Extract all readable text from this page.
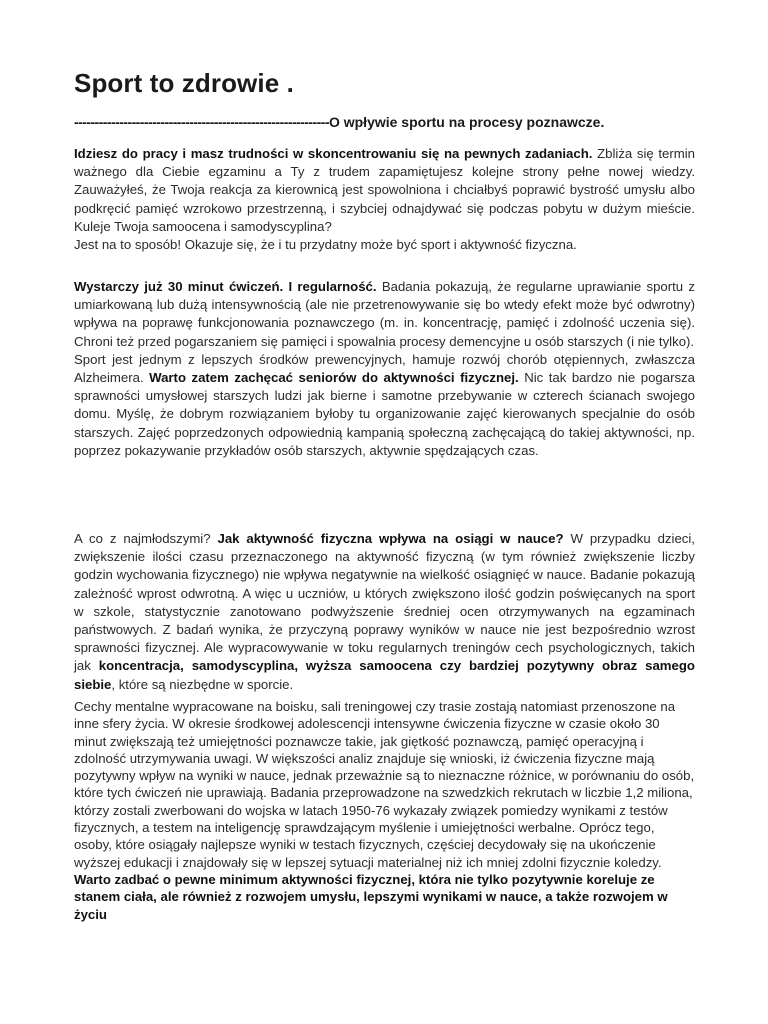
Sport to zdrowie .
--------------------------------------------------------------O wpływie sportu na procesy poznawcze.

Idziesz do pracy i masz trudności w skoncentrowaniu się na pewnych zadaniach. Zbliża się termin ważnego dla Ciebie egzaminu a Ty z trudem zapamiętujesz kolejne strony pełne nowej wiedzy. Zauważyłeś, że Twoja reakcja za kierownicą jest spowolniona i chciałbyś poprawić bystrość umysłu albo podkręcić pamięć wzrokowo przestrzenną, i szybciej odnajdywać się podczas pobytu w dużym mieście. Kuleje Twoja samoocena i samodyscyplina?

Jest na to sposób! Okazuje się, że i tu przydatny może być sport i aktywność fizyczna.

Wystarczy już 30 minut ćwiczeń. I regularność. Badania pokazują, że regularne uprawianie sportu z umiarkowaną lub dużą intensywnością (ale nie przetrenowywanie się bo wtedy efekt może być odwrotny) wpływa na poprawę funkcjonowania poznawczego (m. in. koncentrację, pamięć i zdolność uczenia się). Chroni też przed pogarszaniem się pamięci i spowalnia procesy demencyjne u osób starszych (i nie tylko).

Sport jest jednym z lepszych środków prewencyjnych, hamuje rozwój chorób otępiennych, zwłaszcza Alzheimera. Warto zatem zachęcać seniorów do aktywności fizycznej. Nic tak bardzo nie pogarsza sprawności umysłowej starszych ludzi jak bierne i samotne przebywanie w czterech ścianach swojego domu. Myślę, że dobrym rozwiązaniem byłoby tu organizowanie zajęć kierowanych specjalnie do osób starszych. Zajęć poprzedzonych odpowiednią kampanią społeczną zachęcającą do takiej aktywności, np. poprzez pokazywanie przykładów osób starszych, aktywnie spędzających czas.

A co z najmłodszymi? Jak aktywność fizyczna wpływa na osiągi w nauce? W przypadku dzieci, zwiększenie ilości czasu przeznaczonego na aktywność fizyczną (w tym również zwiększenie liczby godzin wychowania fizycznego) nie wpływa negatywnie na wielkość osiągnięć w nauce. Badanie pokazują zależność wprost odwrotną. A więc u uczniów, u których zwiększono ilość godzin poświęcanych na sport w szkole, statystycznie zanotowano podwyższenie średniej ocen otrzymywanych na egzaminach państwowych. Z badań wynika, że przyczyną poprawy wyników w nauce nie jest bezpośrednio wzrost sprawności fizycznej. Ale wypracowywanie w toku regularnych treningów cech psychologicznych, takich jak koncentracja, samodyscyplina, wyższa samoocena czy bardziej pozytywny obraz samego siebie, które są niezbędne w sporcie.

Cechy mentalne wypracowane na boisku, sali treningowej czy trasie zostają natomiast przenoszone na inne sfery życia. W okresie środkowej adolescencji intensywne ćwiczenia fizyczne w czasie około 30 minut zwiększają też umiejętności poznawcze takie, jak giętkość poznawczą, pamięć operacyjną i zdolność utrzymywania uwagi. W większości analiz znajduje się wnioski, iż ćwiczenia fizyczne mają pozytywny wpływ na wyniki w nauce, jednak przeważnie są to nieznaczne różnice, w porównaniu do osób, które tych ćwiczeń nie uprawiają. Badania przeprowadzone na szwedzkich rekrutach w liczbie 1,2 miliona, którzy zostali zwerbowani do wojska w latach 1950-76 wykazały związek pomiedzy wynikami z testów fizycznych, a testem na inteligencję sprawdzającym myślenie i umiejętności werbalne. Oprócz tego, osoby, które osiągały najlepsze wyniki w testach fizycznych, częściej decydowały się na ukończenie wyższej edukacji i znajdowały się w lepszej sytuacji materialnej niż ich mniej zdolni fizycznie koledzy. Warto zadbać o pewne minimum aktywności fizycznej, która nie tylko pozytywnie koreluje ze stanem ciała, ale również z rozwojem umysłu, lepszymi wynikami w nauce, a także rozwojem w życiu
